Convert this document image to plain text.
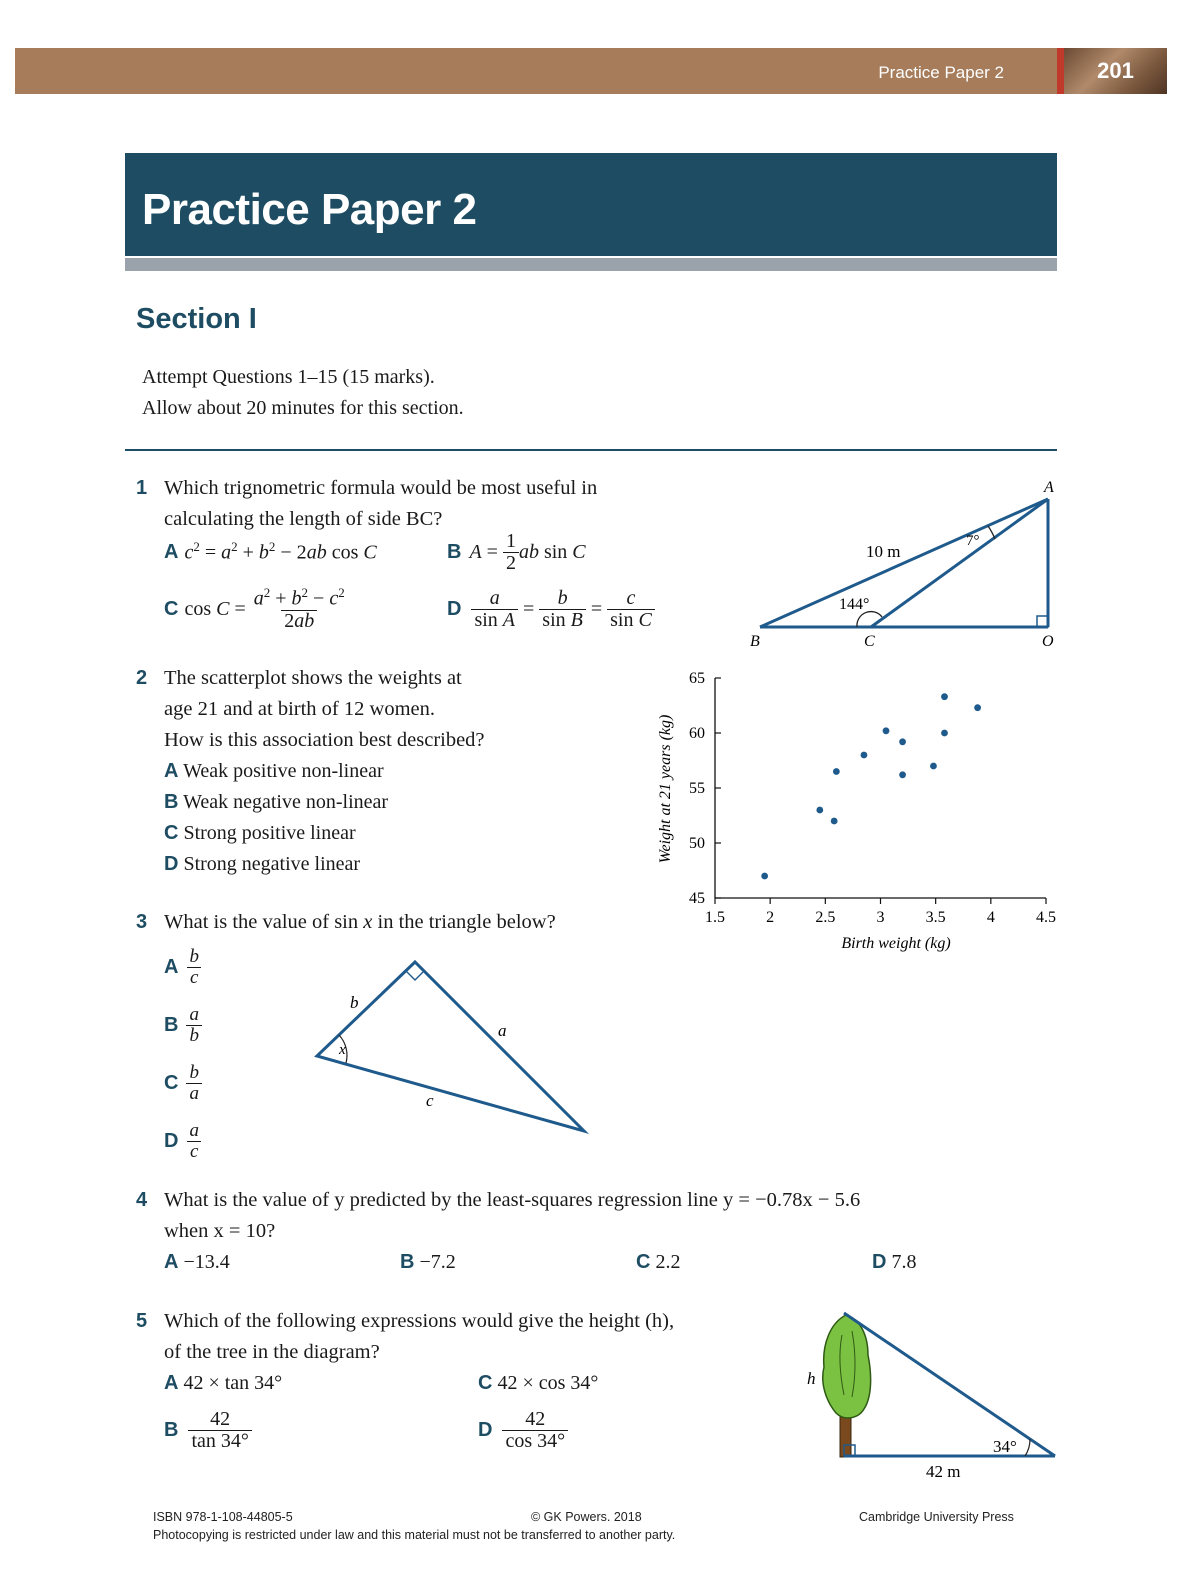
Practice Paper 2	201
Practice Paper 2
Section I
Attempt Questions 1–15 (15 marks).
Allow about 20 minutes for this section.
1 Which trignometric formula would be most useful in
calculating the length of side BC?
A $c^2 = a^2 + b^2 - 2ab$ cos C	B $A = \frac{1}{2}$ ab sin C
C $\cos C = \frac{a^2 + b^2 - c^2}{2ab}$	D $\frac{a}{\text{sin A}} = \frac{b}{\text{sin B}} = \frac{c}{\text{sin C}}$
A
B	C	O
10 m
7°
144°
2 The scatterplot shows the weights at
age 21 and at birth of 12 women.
How is this association best described?
A Weak positive non-linear
B Weak negative non-linear
C Strong positive linear
D Strong negative linear
1.5	2	2.5	3	3.5	4	4.5
45
50
55
60
65
Birth weight (kg)
Weight at 21 years (kg)
3 What is the value of sin x in the triangle below?
A $\frac{b}{c}$
B $\frac{a}{b}$
C $\frac{b}{a}$
D $\frac{a}{c}$
b
a
c
x
4 What is the value of y predicted by the least-squares regression line y = −0.78x − 5.6
when x = 10?
A −13.4	B −7.2	C 2.2	D 7.8
5 Which of the following expressions would give the height (h),
of the tree in the diagram?
A 42 × tan 34°	C 42 × cos 34°
B $\frac{42}{\tan 34^\circ}$	D $\frac{42}{\cos 34^\circ}$
h
34°
42 m
ISBN 978-1-108-44805-5	© GK Powers. 2018	Cambridge University Press
Photocopying is restricted under law and this material must not be transferred to another party.
